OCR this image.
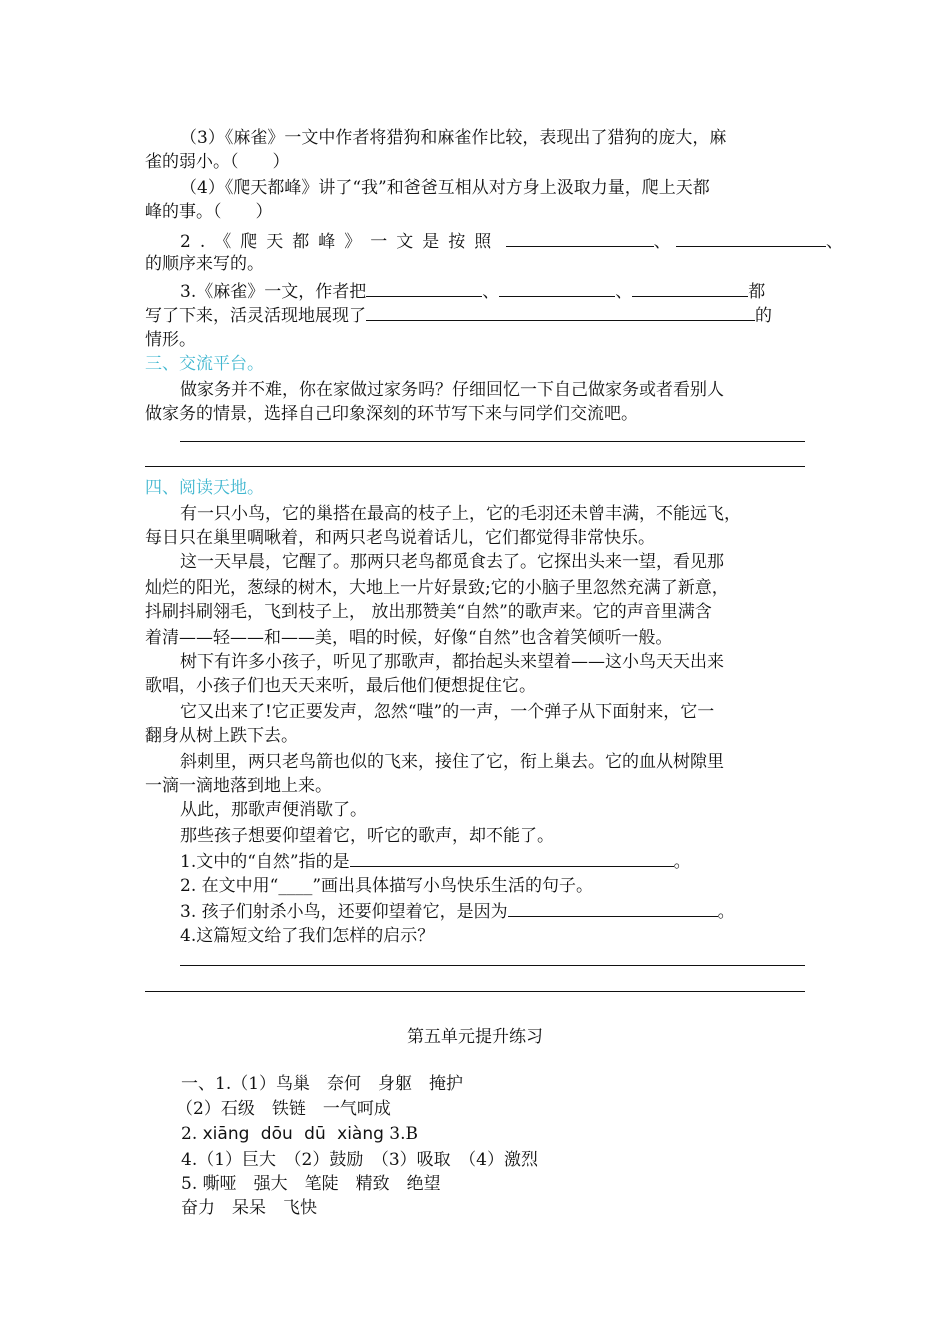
（3）《麻雀》一文中作者将猎狗和麻雀作比较，表现出了猎狗的庞大，麻
雀的弱小。（　　）
（4）《爬天都峰》讲了“我”和爸爸互相从对方身上汲取力量，爬上天都
峰的事。（　　）
2.《爬天都峰》一文是按照	、	、
的顺序来写的。
3.《麻雀》一文，作者把	、	、	都
写了下来，活灵活现地展现了	的
情形。
三、交流平台。
做家务并不难，你在家做过家务吗？仔细回忆一下自己做家务或者看别人
做家务的情景，选择自己印象深刻的环节写下来与同学们交流吧。
四、阅读天地。
有一只小鸟，它的巢搭在最高的枝子上，它的毛羽还未曾丰满，不能远飞，
每日只在巢里啁啾着，和两只老鸟说着话儿，它们都觉得非常快乐。
这一天早晨，它醒了。那两只老鸟都觅食去了。它探出头来一望，看见那
灿烂的阳光，葱绿的树木，大地上一片好景致;它的小脑子里忽然充满了新意，
抖刷抖刷翎毛，飞到枝子上， 放出那赞美“自然”的歌声来。它的声音里满含
着清——轻——和——美，唱的时候，好像“自然”也含着笑倾听一般。
树下有许多小孩子，听见了那歌声，都抬起头来望着——这小鸟天天出来
歌唱，小孩子们也天天来听，最后他们便想捉住它。
它又出来了!它正要发声，忽然“嗤”的一声，一个弹子从下面射来，它一
翻身从树上跌下去。
斜刺里，两只老鸟箭也似的飞来，接住了它，衔上巢去。它的血从树隙里
一滴一滴地落到地上来。
从此，那歌声便消歇了。
那些孩子想要仰望着它，听它的歌声，却不能了。
1.文中的“自然”指的是	。
2. 在文中用“____”画出具体描写小鸟快乐生活的句子。
3. 孩子们射杀小鸟，还要仰望着它，是因为	。
4.这篇短文给了我们怎样的启示？
第五单元提升练习
一、1.（1）鸟巢　奈何　身躯　掩护
（2）石级　铁链　一气呵成
2. xiāng dōu dū xiàng 3.B
4.（1）巨大　（2）鼓励　（3）吸取　（4）激烈
5. 嘶哑　强大　笔陡　精致　绝望
奋力　呆呆　飞快
